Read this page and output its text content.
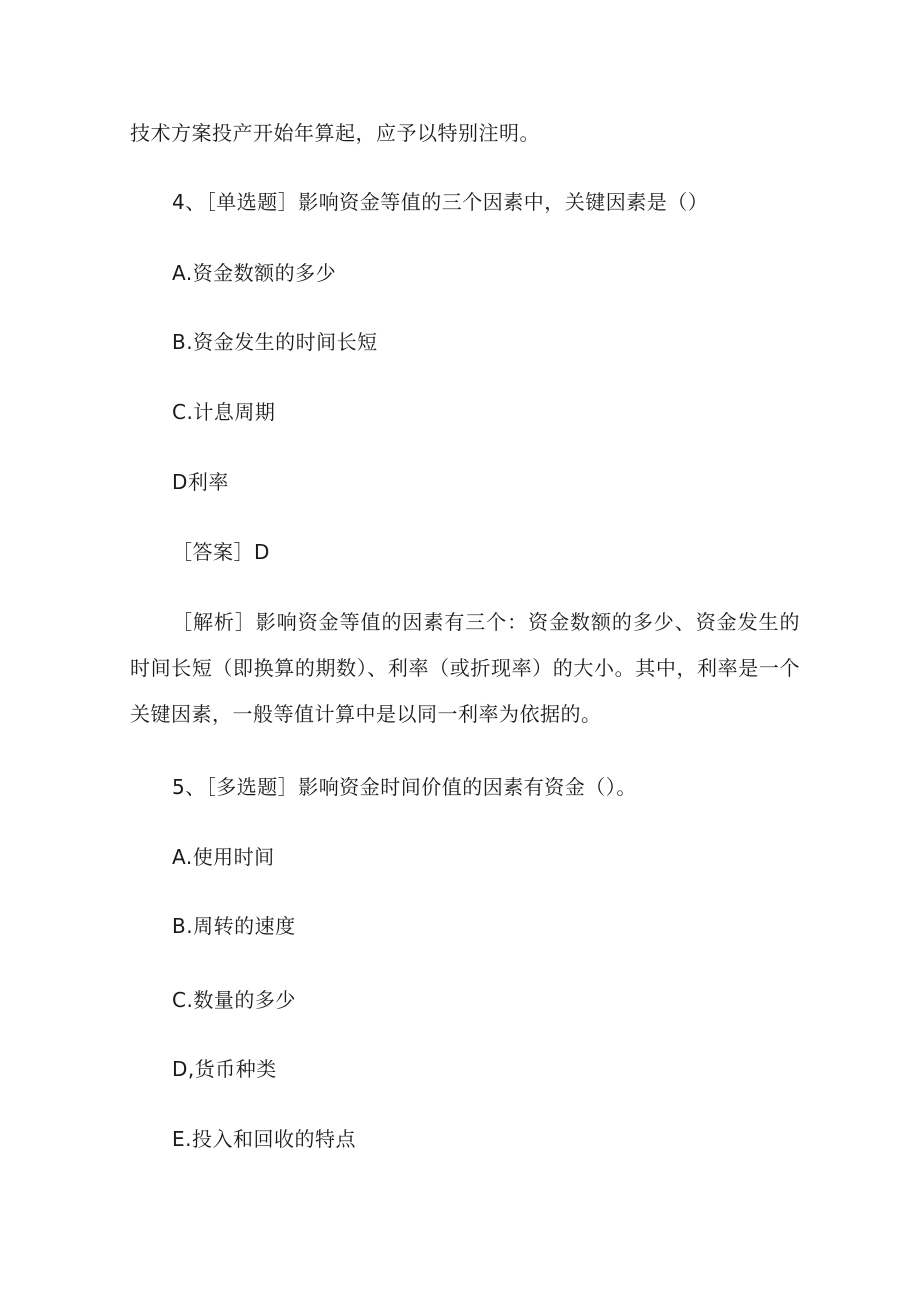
技术方案投产开始年算起，应予以特别注明。
4、［单选题］影响资金等值的三个因素中，关键因素是（）
A.资金数额的多少
B.资金发生的时间长短
C.计息周期
D利率
［答案］D
［解析］影响资金等值的因素有三个：资金数额的多少、资金发生的时间长短（即换算的期数）、利率（或折现率）的大小。其中，利率是一个关键因素，一般等值计算中是以同一利率为依据的。
5、［多选题］影响资金时间价值的因素有资金（）。
A.使用时间
B.周转的速度
C.数量的多少
D,货币种类
E.投入和回收的特点
